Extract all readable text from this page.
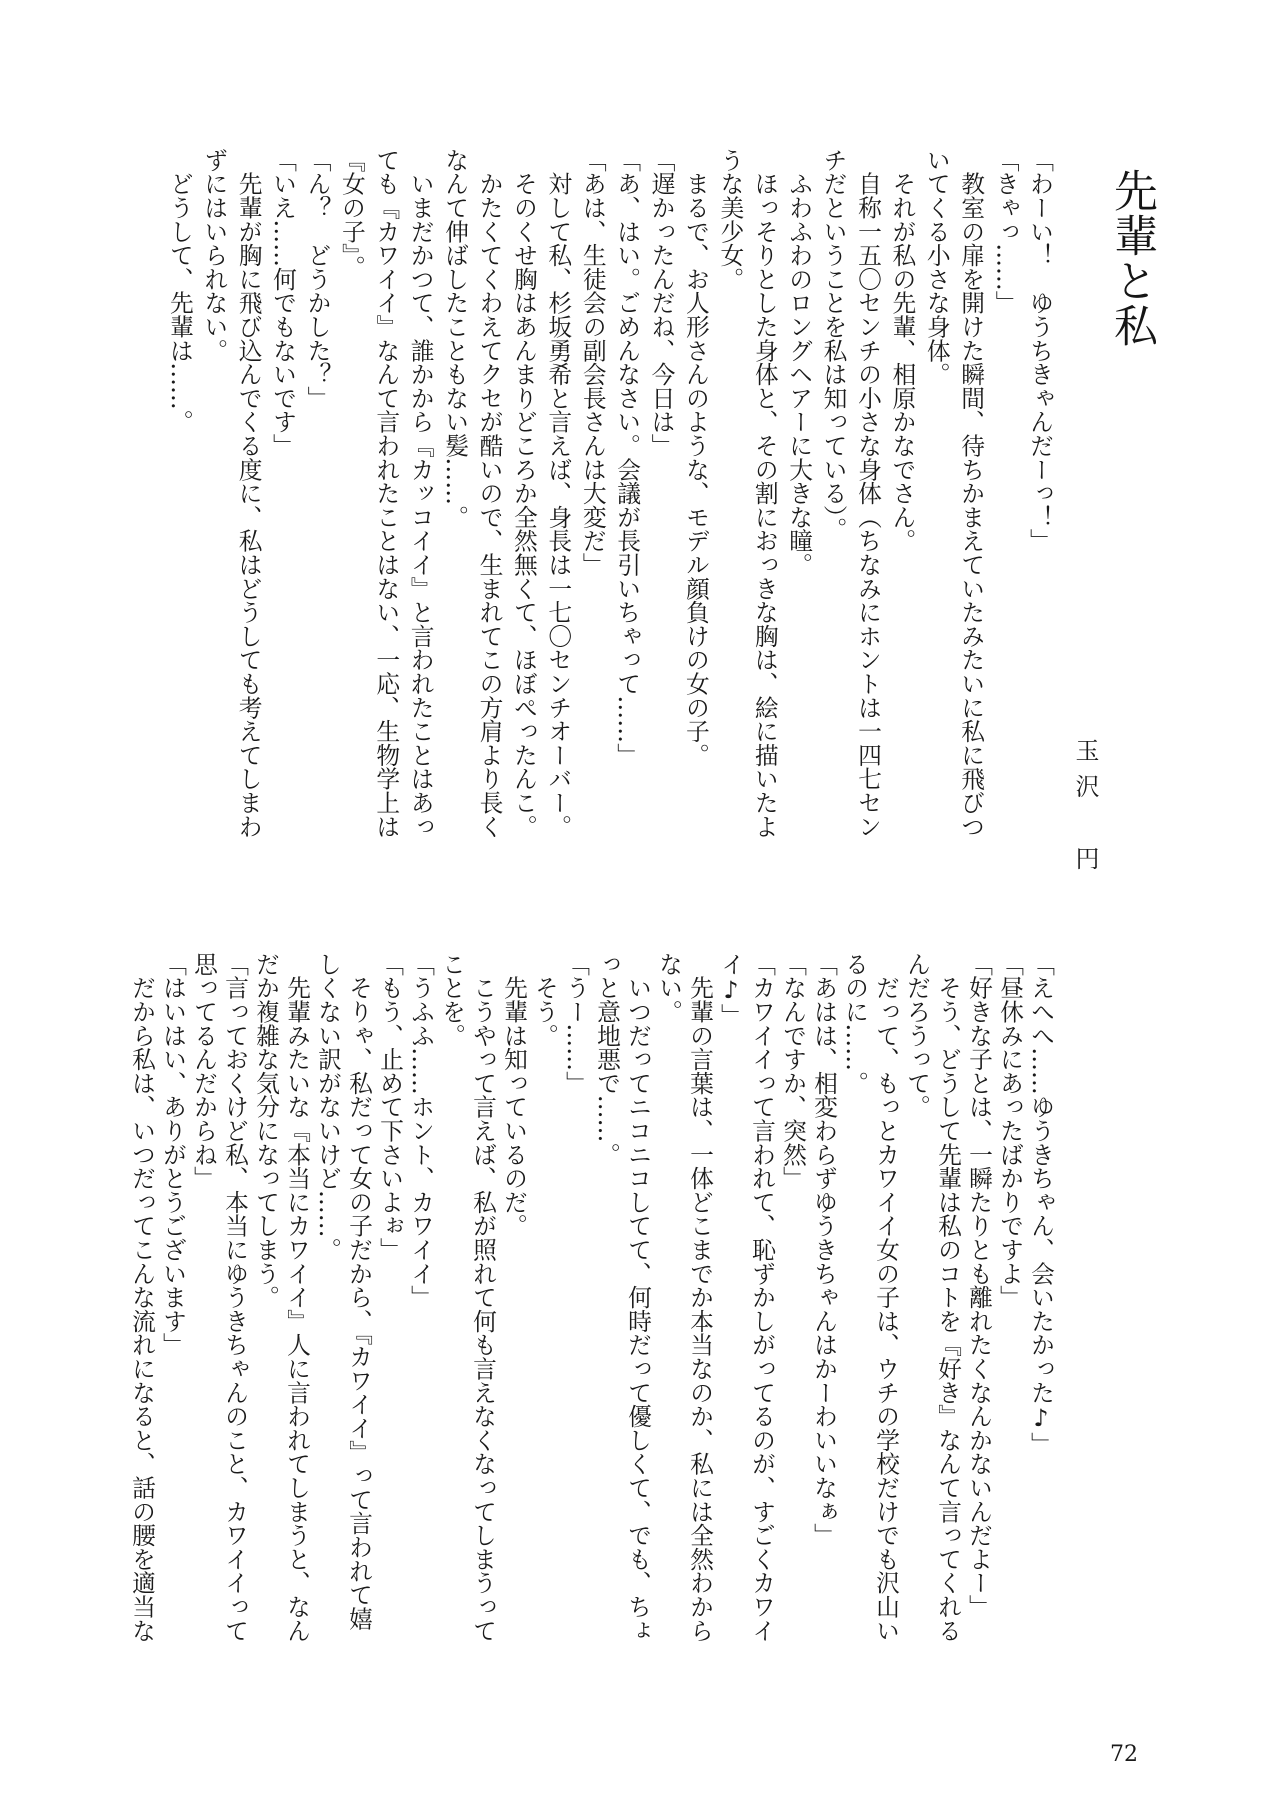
先輩と私
玉沢　円
「わーい！　ゆうちきゃんだーっ！」
「きゃっ……」
　教室の扉を開けた瞬間、待ちかまえていたみたいに私に飛びつ
いてくる小さな身体。
　それが私の先輩、相原かなでさん。
　自称一五〇センチの小さな身体（ちなみにホントは一四七セン
チだということを私は知っている）。
　ふわふわのロングヘアーに大きな瞳。
　ほっそりとした身体と、その割におっきな胸は、絵に描いたよ
うな美少女。
　まるで、お人形さんのような、モデル顔負けの女の子。
「遅かったんだね、今日は」
「あ、はい。ごめんなさい。会議が長引いちゃって……」
「あは、生徒会の副会長さんは大変だ」
　対して私、杉坂勇希と言えば、身長は一七〇センチオーバー。
　そのくせ胸はあんまりどころか全然無くて、ほぼぺったんこ。
　かたくてくわえてクセが酷いので、生まれてこの方肩より長く
なんて伸ばしたこともない髪……。
　いまだかつて、誰かから『カッコイイ』と言われたことはあっ
ても『カワイイ』なんて言われたことはない、一応、生物学上は
『女の子』。
「ん？　どうかした？」
「いえ……何でもないです」
　先輩が胸に飛び込んでくる度に、私はどうしても考えてしまわ
ずにはいられない。
　どうして、先輩は……。
「えへへ……ゆうきちゃん、会いたかった♪」
「昼休みにあったばかりですよ」
「好きな子とは、一瞬たりとも離れたくなんかないんだよー」
　そう、どうして先輩は私のコトを『好き』なんて言ってくれる
んだろうって。
　だって、もっとカワイイ女の子は、ウチの学校だけでも沢山い
るのに……。
「あはは、相変わらずゆうきちゃんはかーわいいなぁ」
「なんですか、突然」
「カワイイって言われて、恥ずかしがってるのが、すごくカワイ
イ♪」
　先輩の言葉は、一体どこまでか本当なのか、私には全然わから
ない。
　いつだってニコニコしてて、何時だって優しくて、でも、ちょ
っと意地悪で……。
「うー……」
　そう。
　先輩は知っているのだ。
　こうやって言えば、私が照れて何も言えなくなってしまうって
ことを。
「うふふ……ホント、カワイイ」
「もう、止めて下さいよぉ」
　そりゃ、私だって女の子だから、『カワイイ』って言われて嬉
しくない訳がないけど……。
　先輩みたいな『本当にカワイイ』人に言われてしまうと、なん
だか複雑な気分になってしまう。
「言っておくけど私、本当にゆうきちゃんのこと、カワイイって
思ってるんだからね」
「はいはい、ありがとうございます」
　だから私は、いつだってこんな流れになると、話の腰を適当な
72
